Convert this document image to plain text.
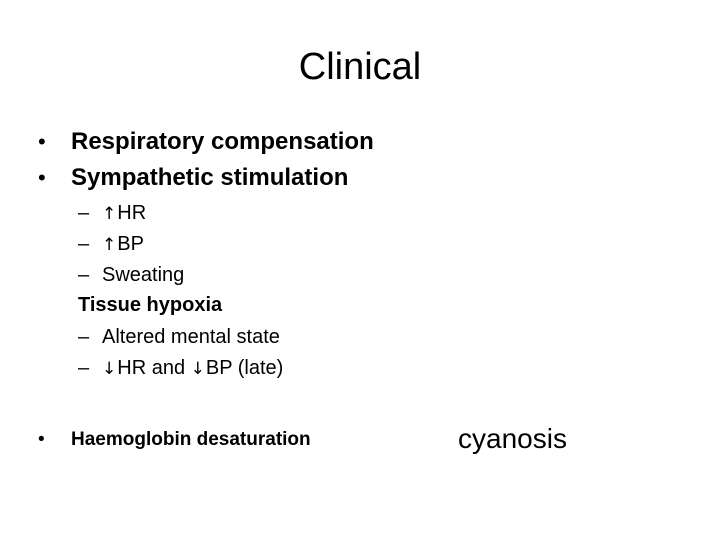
Clinical
• Respiratory compensation
• Sympathetic stimulation
– ↑HR
– ↑BP
– Sweating
Tissue hypoxia
– Altered mental state
– ↓HR and ↓BP (late)
• Haemoglobin desaturation	cyanosis
